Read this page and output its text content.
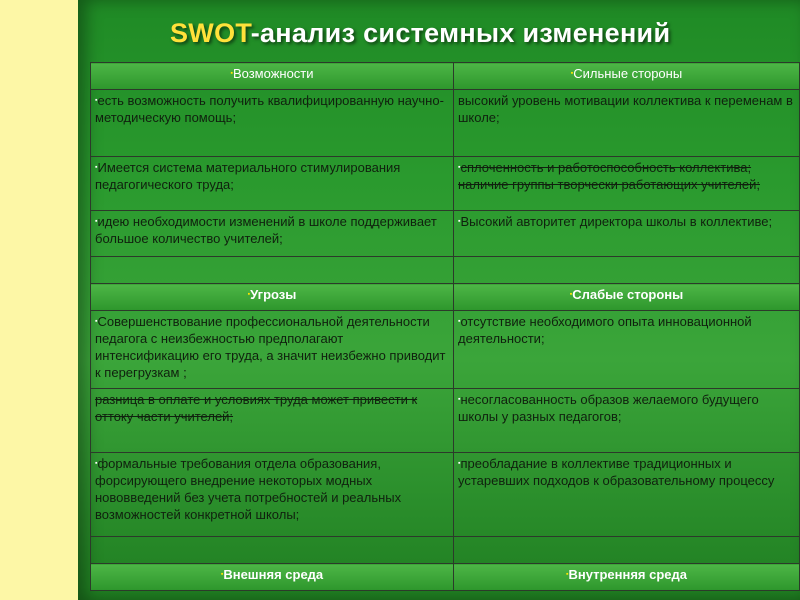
SWOT-анализ системных изменений
▪Возможности	▪Сильные стороны
▪есть возможность получить квалифицированную научно-методическую помощь;	высокий уровень мотивации коллектива к переменам в школе;
▪Имеется система материального стимулирования педагогического труда;	▪сплоченность и работоспособность коллектива; наличие группы творчески работающих учителей;
▪идею необходимости изменений в школе поддерживает большое количество учителей;	▪Высокий авторитет директора школы в коллективе;

▪Угрозы	▪Слабые стороны
▪Совершенствование профессиональной деятельности педагога с неизбежностью предполагают интенсификацию его труда, а значит неизбежно приводит к перегрузкам ;	▪отсутствие необходимого опыта инновационной деятельности;
разница в оплате и условиях труда может привести к оттоку части учителей;	▪несогласованность образов желаемого будущего школы у разных педагогов;
▪формальные требования отдела образования, форсирующего внедрение некоторых модных нововведений без учета потребностей и реальных возможностей конкретной школы;	▪преобладание в коллективе традиционных и устаревших подходов к образовательному процессу

▪Внешняя среда	▪Внутренняя среда
